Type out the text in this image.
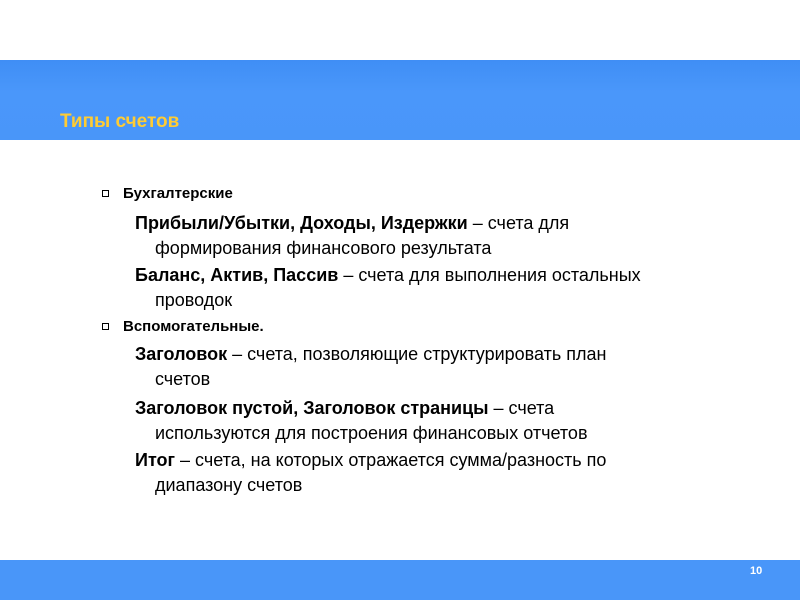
Типы счетов
Бухгалтерские
Прибыли/Убытки, Доходы, Издержки – счета для
формирования финансового результата
Баланс, Актив, Пассив – счета для выполнения остальных
проводок
Вспомогательные.
Заголовок – счета, позволяющие структурировать план
счетов
Заголовок пустой, Заголовок страницы – счета
используются для построения финансовых отчетов
Итог – счета, на которых отражается сумма/разность по
диапазону счетов
10
